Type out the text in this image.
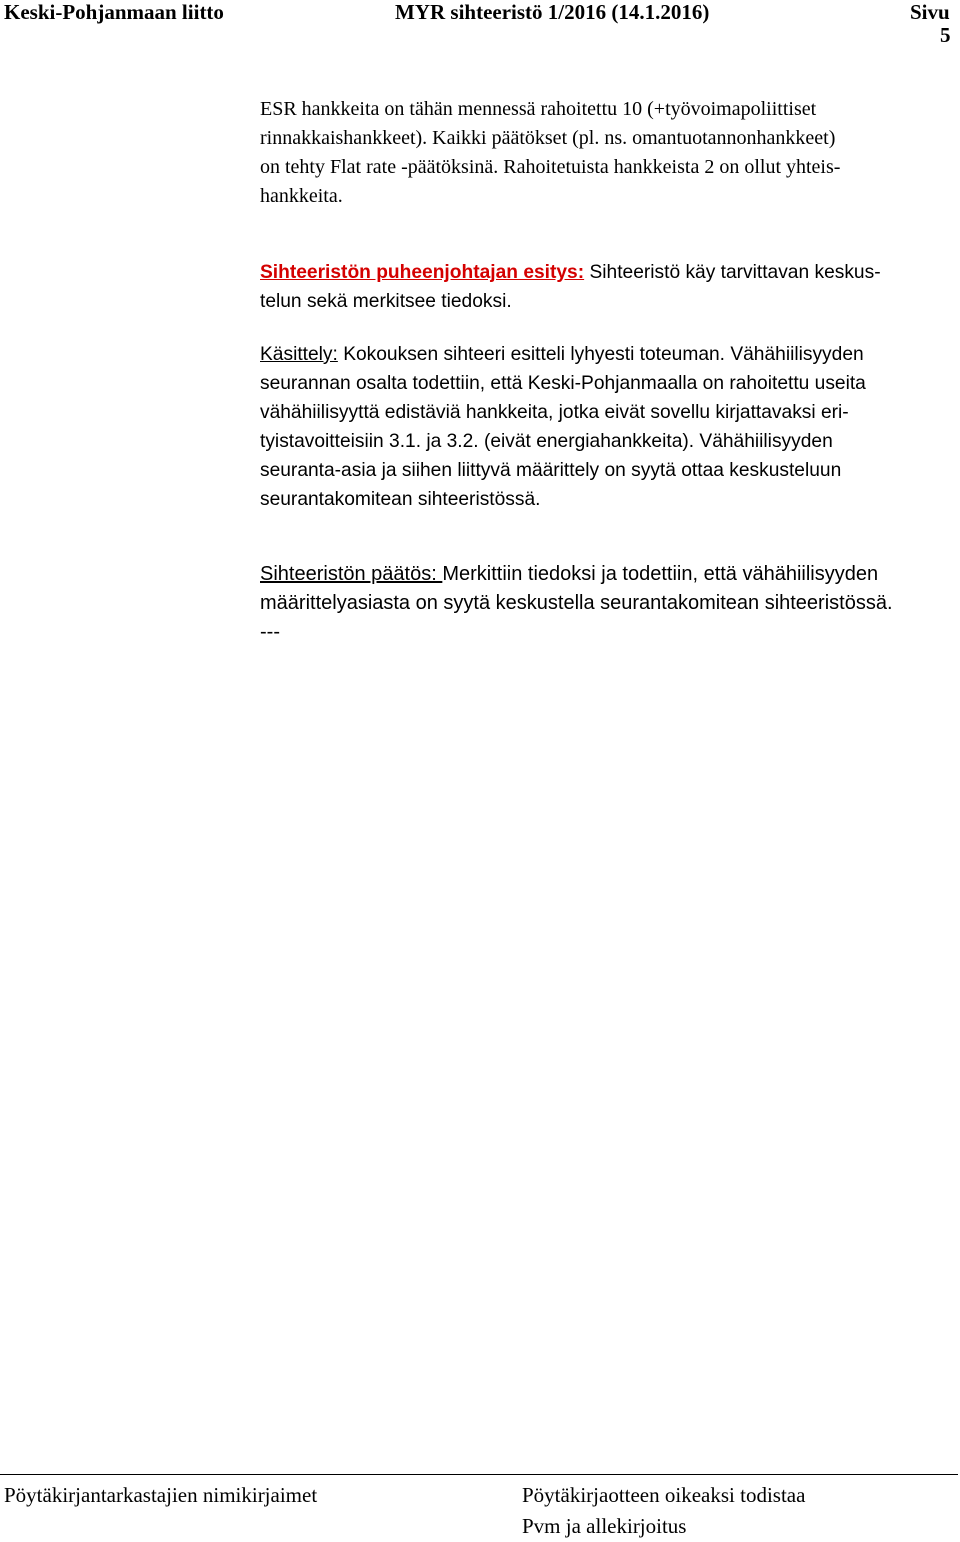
Keski-Pohjanmaan liitto	MYR sihteeristö 1/2016 (14.1.2016)	Sivu
5
ESR hankkeita on tähän mennessä rahoitettu 10 (+työvoimapoliittiset
rinnakkaishankkeet). Kaikki päätökset (pl. ns. omantuotannonhankkeet)
on tehty Flat rate -päätöksinä. Rahoitetuista hankkeista 2 on ollut yhteis-
hankkeita.
Sihteeristön puheenjohtajan esitys: Sihteeristö käy tarvittavan keskus-
telun sekä merkitsee tiedoksi.
Käsittely: Kokouksen sihteeri esitteli lyhyesti toteuman. Vähähiilisyyden
seurannan osalta todettiin, että Keski-Pohjanmaalla on rahoitettu useita
vähähiilisyyttä edistäviä hankkeita, jotka eivät sovellu kirjattavaksi eri-
tyistavoitteisiin 3.1. ja 3.2. (eivät energiahankkeita). Vähähiilisyyden
seuranta-asia ja siihen liittyvä määrittely on syytä ottaa keskusteluun
seurantakomitean sihteeristössä.
Sihteeristön päätös: Merkittiin tiedoksi ja todettiin, että vähähiilisyyden
määrittelyasiasta on syytä keskustella seurantakomitean sihteeristössä.
---
Pöytäkirjantarkastajien nimikirjaimet	Pöytäkirjaotteen oikeaksi todistaa
Pvm ja allekirjoitus
